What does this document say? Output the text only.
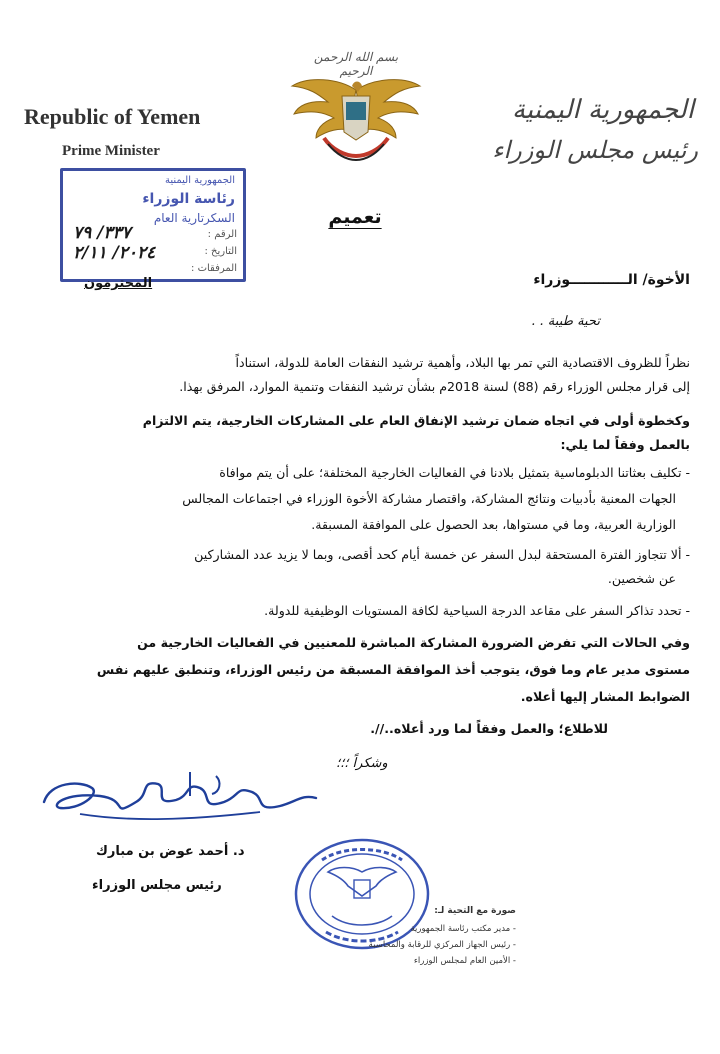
Republic of Yemen
Prime Minister
بسم الله الرحمن الرحيم
الجمهورية اليمنية
رئيس مجلس الوزراء
الجمهورية اليمنية
رئاسة الوزراء
السكرتارية العام
الرقم :
التاريخ :
المرفقات :
٣٣٧/ ٧٩
٢٠٢٤/ ٢/١١
تعميم
الأخوة/ الــــــــــــوزراء
المحترمون
تحية طيبة . .
نظراً للظروف الاقتصادية التي تمر بها البلاد، وأهمية ترشيد النفقات العامة للدولة، استناداً
إلى قرار مجلس الوزراء رقم (88) لسنة 2018م بشأن ترشيد النفقات وتنمية الموارد، المرفق بهذا.
وكخطوة أولى في اتجاه ضمان ترشيد الإنفاق العام على المشاركات الخارجية، يتم الالتزام
بالعمل وفقاً لما يلي:
- تكليف بعثاتنا الدبلوماسية بتمثيل بلادنا في الفعاليات الخارجية المختلفة؛ على أن يتم موافاة
الجهات المعنية بأدبيات ونتائج المشاركة، واقتصار مشاركة الأخوة الوزراء في اجتماعات المجالس
الوزارية العربية، وما في مستواها، بعد الحصول على الموافقة المسبقة.
- ألا تتجاوز الفترة المستحقة لبدل السفر عن خمسة أيام كحد أقصى، وبما لا يزيد عدد المشاركين
عن شخصين.
- تحدد تذاكر السفر على مقاعد الدرجة السياحية لكافة المستويات الوظيفية للدولة.
وفي الحالات التي تفرض الضرورة المشاركة المباشرة للمعنيين في الفعاليات الخارجية من
مستوى مدير عام وما فوق، يتوجب أخذ الموافقة المسبقة من رئيس الوزراء، وتنطبق عليهم نفس
الضوابط المشار إليها أعلاه.
للاطلاع؛ والعمل وفقاً لما ورد أعلاه..//.
وشكراً ؛؛؛
د. أحمد عوض بن مبارك
رئيس مجلس الوزراء
صورة مع التحية لـ:
- مدير مكتب رئاسة الجمهورية
- رئيس الجهاز المركزي للرقابة والمحاسبة
- الأمين العام لمجلس الوزراء
